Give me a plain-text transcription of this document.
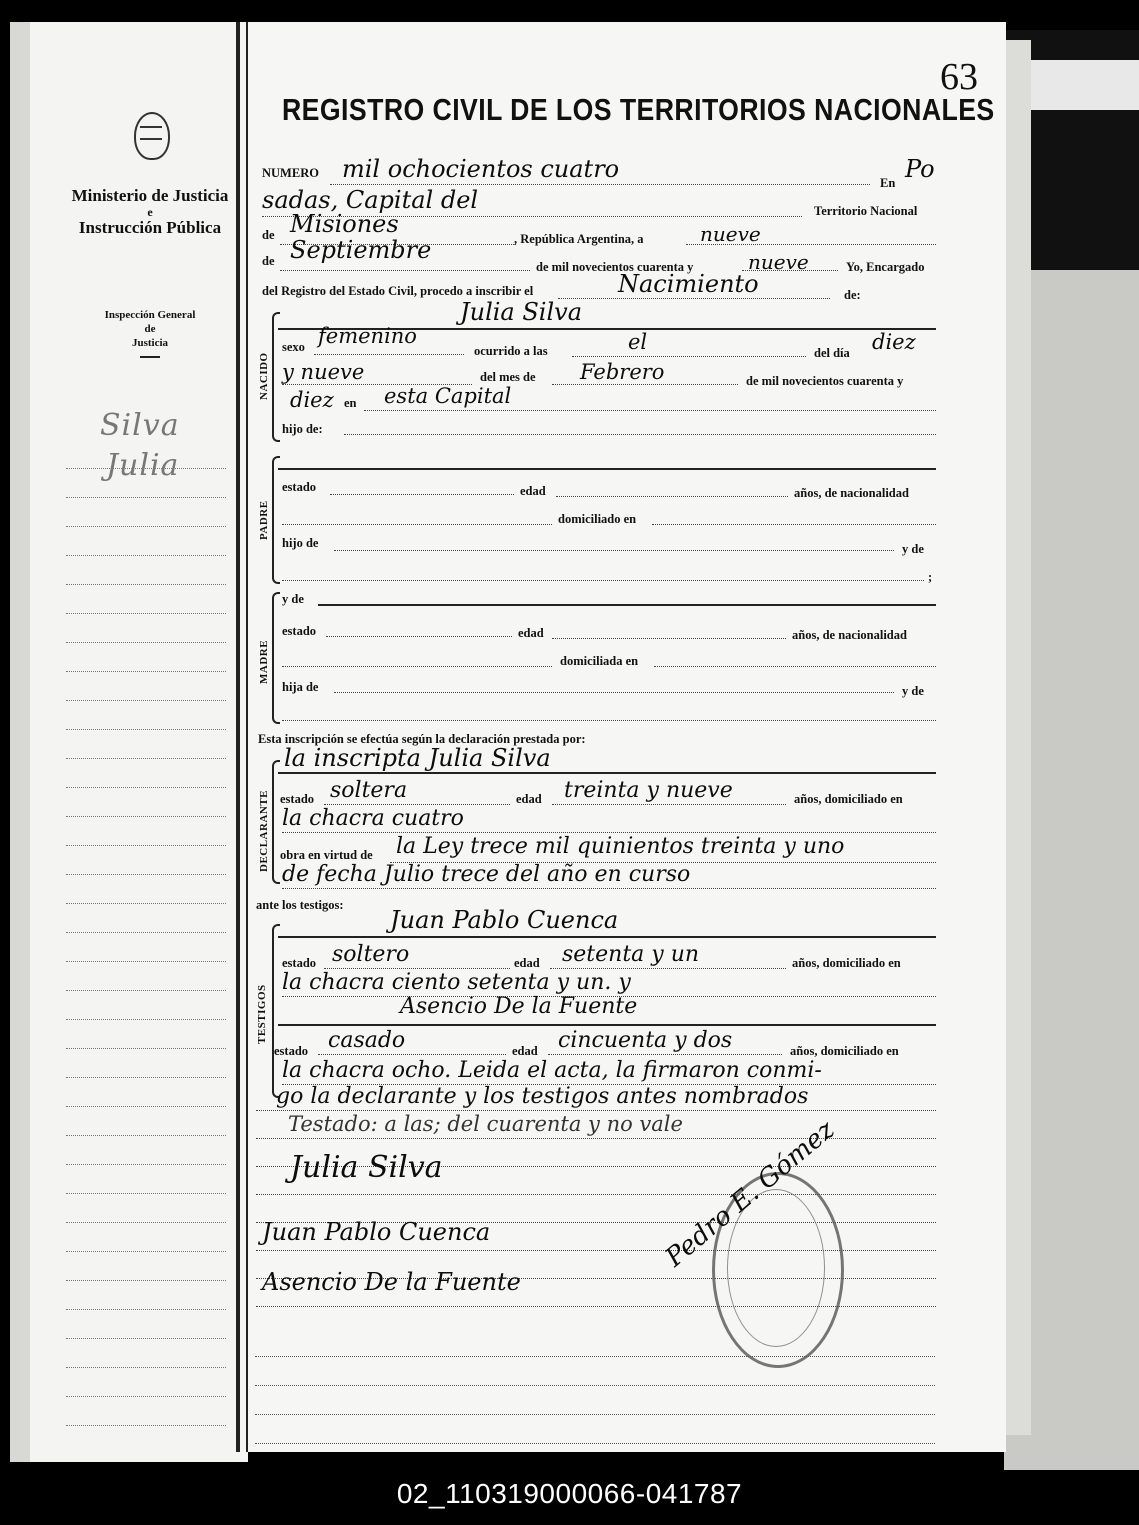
Ministerio de Justicia
e
Instrucción Pública
Inspección General
de
Justicia
Silva
Julia
63
REGISTRO CIVIL DE LOS TERRITORIOS NACIONALES
NUMERO mil ochocientos cuatro	En Po
sadas, Capital del	Territorio Nacional
de Misiones
, República Argentina, a	nueve
de Septiembre
de mil novecientos cuarenta y	nueve	Yo, Encargado
del Registro del Estado Civil, procedo a inscribir el	Nacimiento	de:
Julia Silva
NACIDO
sexo femenino
ocurrido a las	el	del día diez
y nueve	del mes de Febrero	de mil novecientos cuarenta y
diez en esta Capital
hijo de:
PADRE
estado	edad	años, de nacionalidad
domiciliado en
hijo de	y de
;
y de
MADRE
estado	edad	años, de nacionalidad
domiciliada en
hija de	y de
Esta inscripción se efectúa según la declaración prestada por:
la inscripta Julia Silva
DECLARANTE estado soltera	edad treinta y nueve	años, domiciliado en
la chacra cuatro
obra en virtud de la Ley trece mil quinientos treinta y uno
de fecha Julio trece del año en curso
ante los testigos:
Juan Pablo Cuenca
TESTIGOS
estado soltero	edad setenta y un	años, domiciliado en
la chacra ciento setenta y un. y
Asencio De la Fuente
estado casado	edad cincuenta y dos	años, domiciliado en
la chacra ocho. Leida el acta, la firmaron conmi-
go la declarante y los testigos antes nombrados
Testado: a las; del cuarenta y no vale
Julia Silva
Juan Pablo Cuenca
Asencio De la Fuente
Pedro E. Gómez
02_110319000066-041787
